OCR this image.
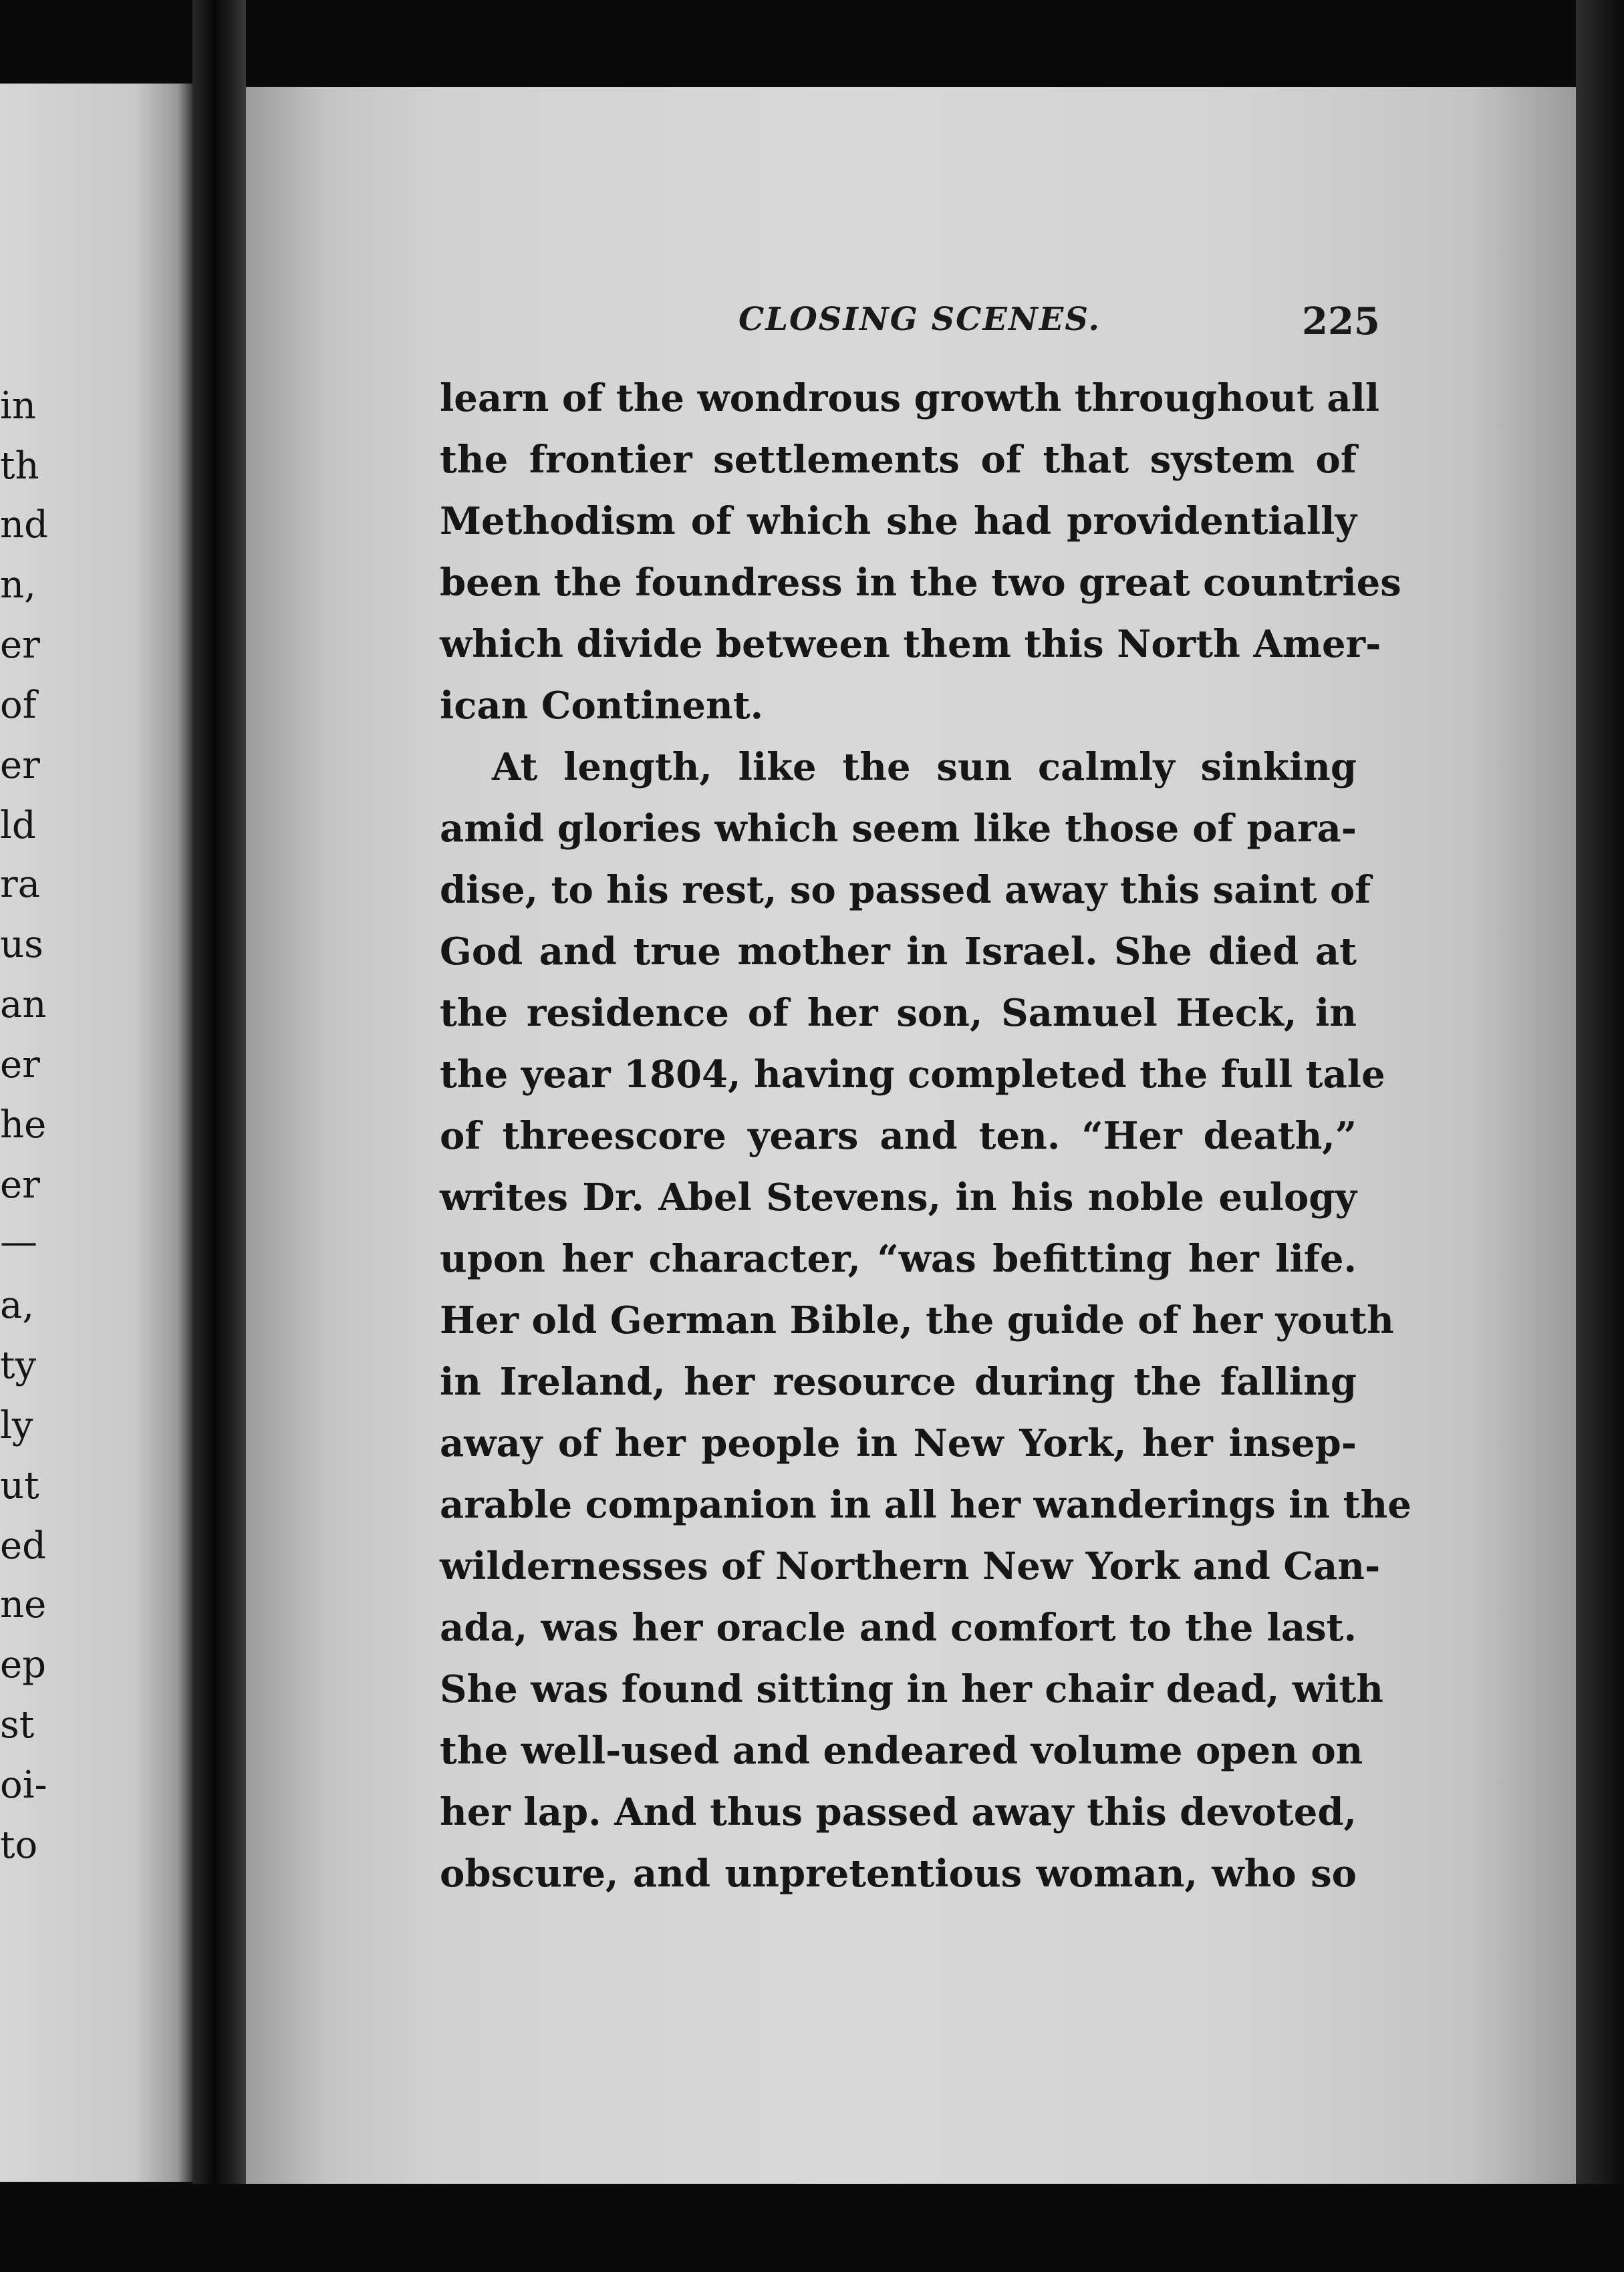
in
th
nd
n,
er
of
er
ld
ra
us
an
er
he
er
—
a,
ty
ly
ut
ed
ne
ep
st
oi-
to
CLOSING SCENES.	225
learn of the wondrous growth throughout all
the frontier settlements of that system of
Methodism of which she had providentially
been the foundress in the two great countries
which divide between them this North Amer-
ican Continent.
At length, like the sun calmly sinking
amid glories which seem like those of para-
dise, to his rest, so passed away this saint of
God and true mother in Israel. She died at
the residence of her son, Samuel Heck, in
the year 1804, having completed the full tale
of threescore years and ten. “Her death,”
writes Dr. Abel Stevens, in his noble eulogy
upon her character, “was befitting her life.
Her old German Bible, the guide of her youth
in Ireland, her resource during the falling
away of her people in New York, her insep-
arable companion in all her wanderings in the
wildernesses of Northern New York and Can-
ada, was her oracle and comfort to the last.
She was found sitting in her chair dead, with
the well-used and endeared volume open on
her lap. And thus passed away this devoted,
obscure, and unpretentious woman, who so
